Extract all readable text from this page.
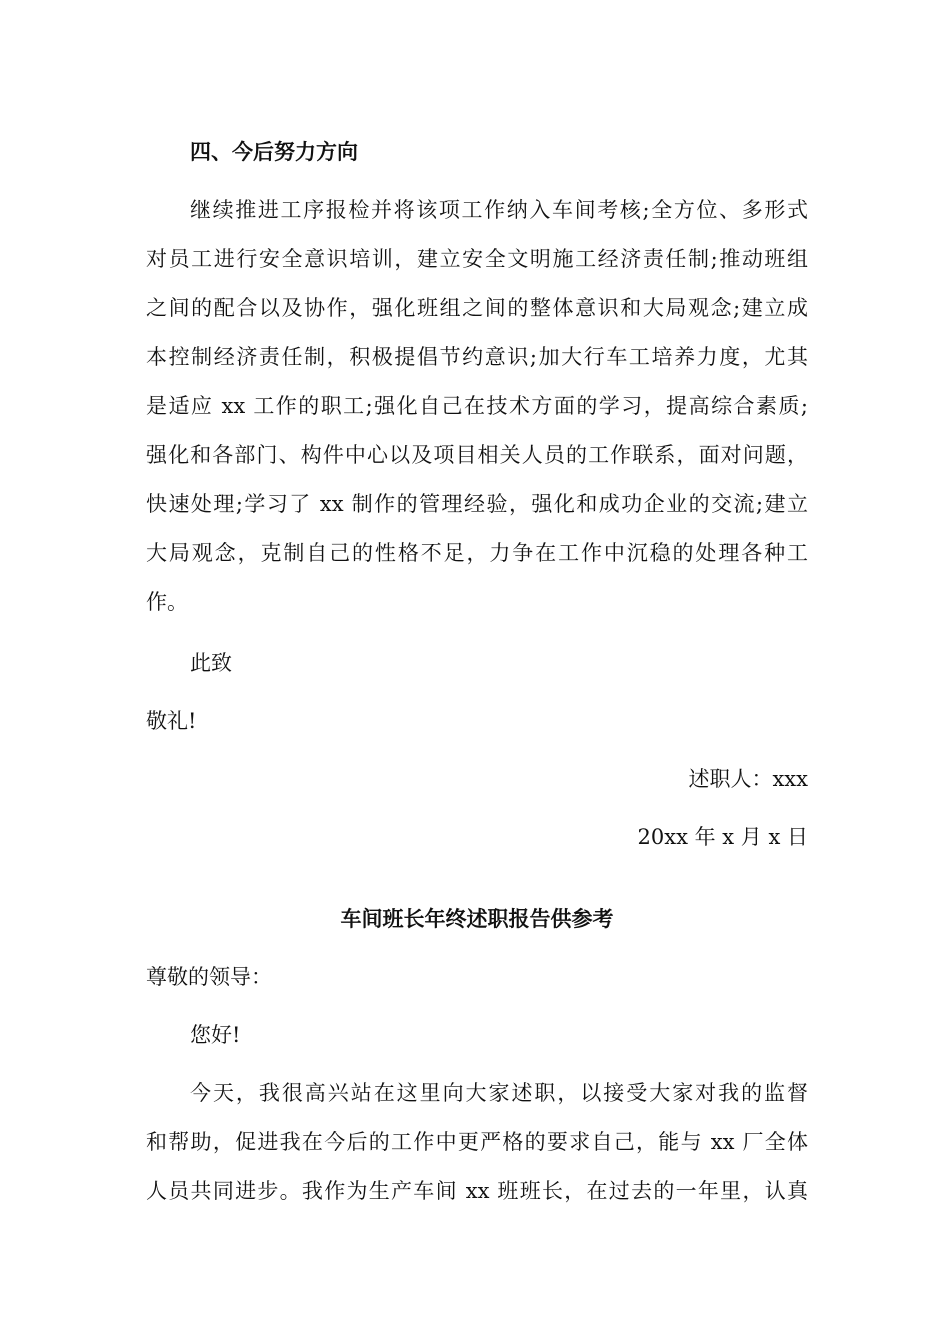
四、今后努力方向
继续推进工序报检并将该项工作纳入车间考核;全方位、多形式
对员工进行安全意识培训，建立安全文明施工经济责任制;推动班组
之间的配合以及协作，强化班组之间的整体意识和大局观念;建立成
本控制经济责任制，积极提倡节约意识;加大行车工培养力度，尤其
是适应 xx 工作的职工;强化自己在技术方面的学习，提高综合素质;
强化和各部门、构件中心以及项目相关人员的工作联系，面对问题，
快速处理;学习了 xx 制作的管理经验，强化和成功企业的交流;建立
大局观念，克制自己的性格不足，力争在工作中沉稳的处理各种工
作。
此致
敬礼!
述职人：xxx
20xx 年 x 月 x 日
车间班长年终述职报告供参考
尊敬的领导：
您好!
今天，我很高兴站在这里向大家述职，以接受大家对我的监督
和帮助，促进我在今后的工作中更严格的要求自己，能与 xx 厂全体
人员共同进步。我作为生产车间 xx 班班长，在过去的一年里，认真
